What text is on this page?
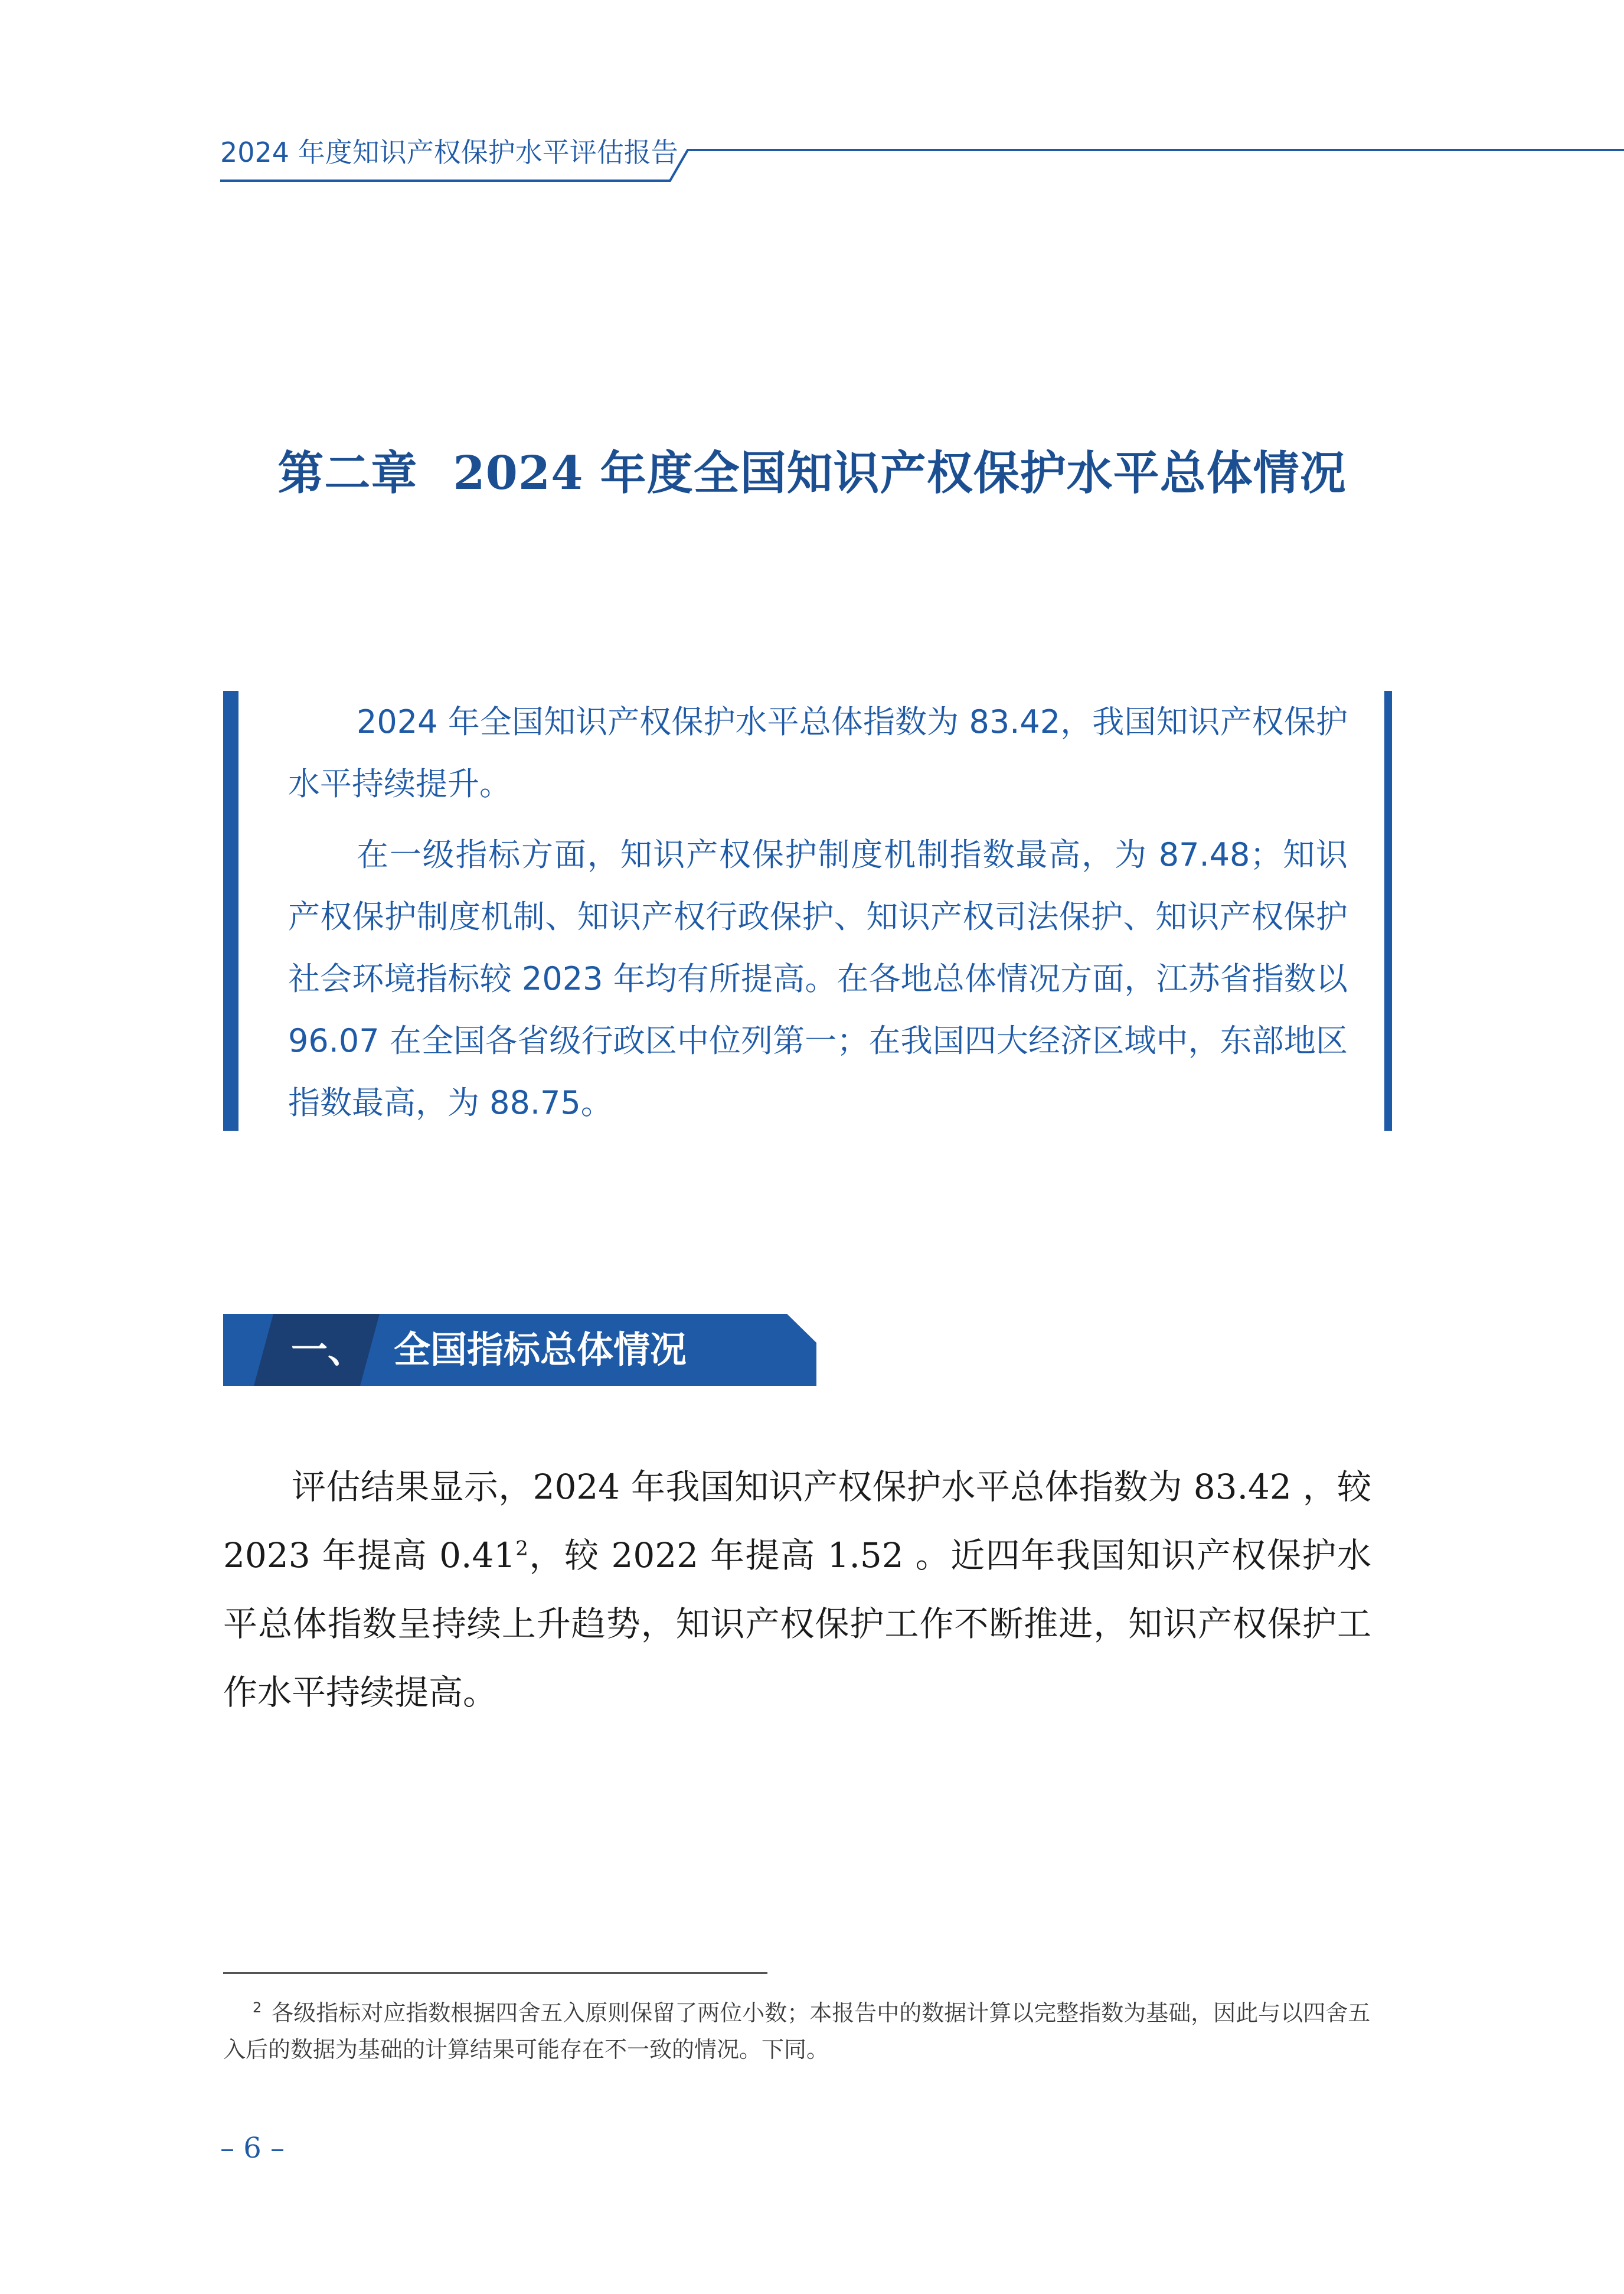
2024 年度知识产权保护水平评估报告
第二章 2024 年度全国知识产权保护水平总体情况

2024 年全国知识产权保护水平总体指数为 83.42，我国知识产权保护水平持续提升。

在一级指标方面，知识产权保护制度机制指数最高，为 87.48；知识产权保护制度机制、知识产权行政保护、知识产权司法保护、知识产权保护社会环境指标较 2023 年均有所提高。在各地总体情况方面，江苏省指数以 96.07 在全国各省级行政区中位列第一；在我国四大经济区域中，东部地区指数最高，为 88.75。

一、 全国指标总体情况

评估结果显示，2024 年我国知识产权保护水平总体指数为 83.42 ，较 2023 年提高 0.41$^2$，较 2022 年提高 1.52 。近四年我国知识产权保护水平总体指数呈持续上升趋势，知识产权保护工作不断推进，知识产权保护工作水平持续提高。

$^2$ 各级指标对应指数根据四舍五入原则保留了两位小数；本报告中的数据计算以完整指数为基础，因此与以四舍五入后的数据为基础的计算结果可能存在不一致的情况。下同。

– 6 –
